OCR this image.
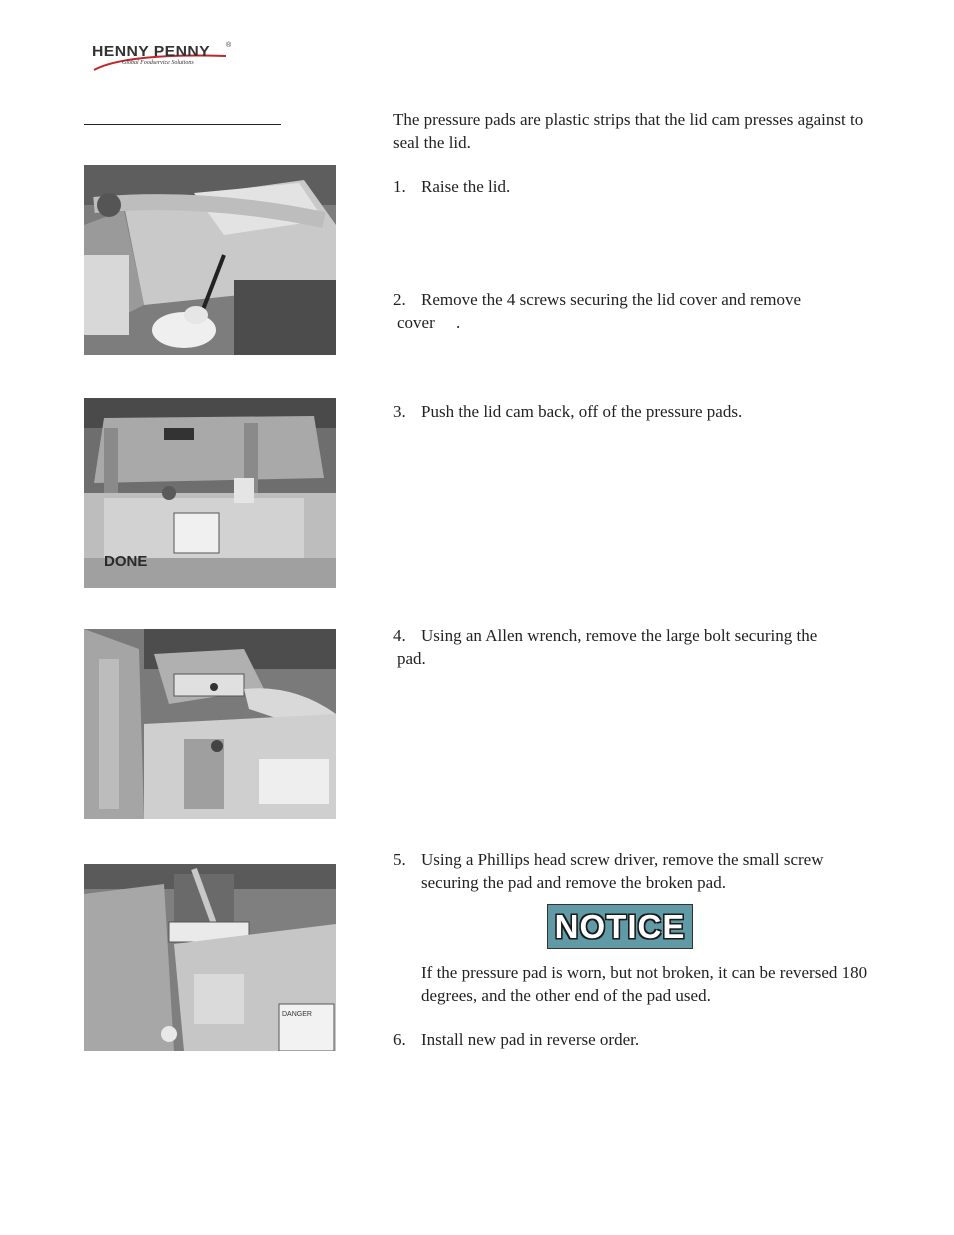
HENNY PENNY ®
Global Foodservice Solutions

The pressure pads are plastic strips that the lid cam presses against to seal the lid.

1. Raise the lid.
2. Remove the 4 screws securing the lid cover and remove
cover     .
3. Push the lid cam back, off of the pressure pads.
4. Using an Allen wrench, remove the large bolt securing the
pad.
5. Using a Phillips head screw driver, remove the small screw
securing the pad and remove the broken pad.
NOTICE
If the pressure pad is worn, but not broken, it can be reversed 180 degrees, and the other end of the pad used.
6. Install new pad in reverse order.
DONE
DANGER
